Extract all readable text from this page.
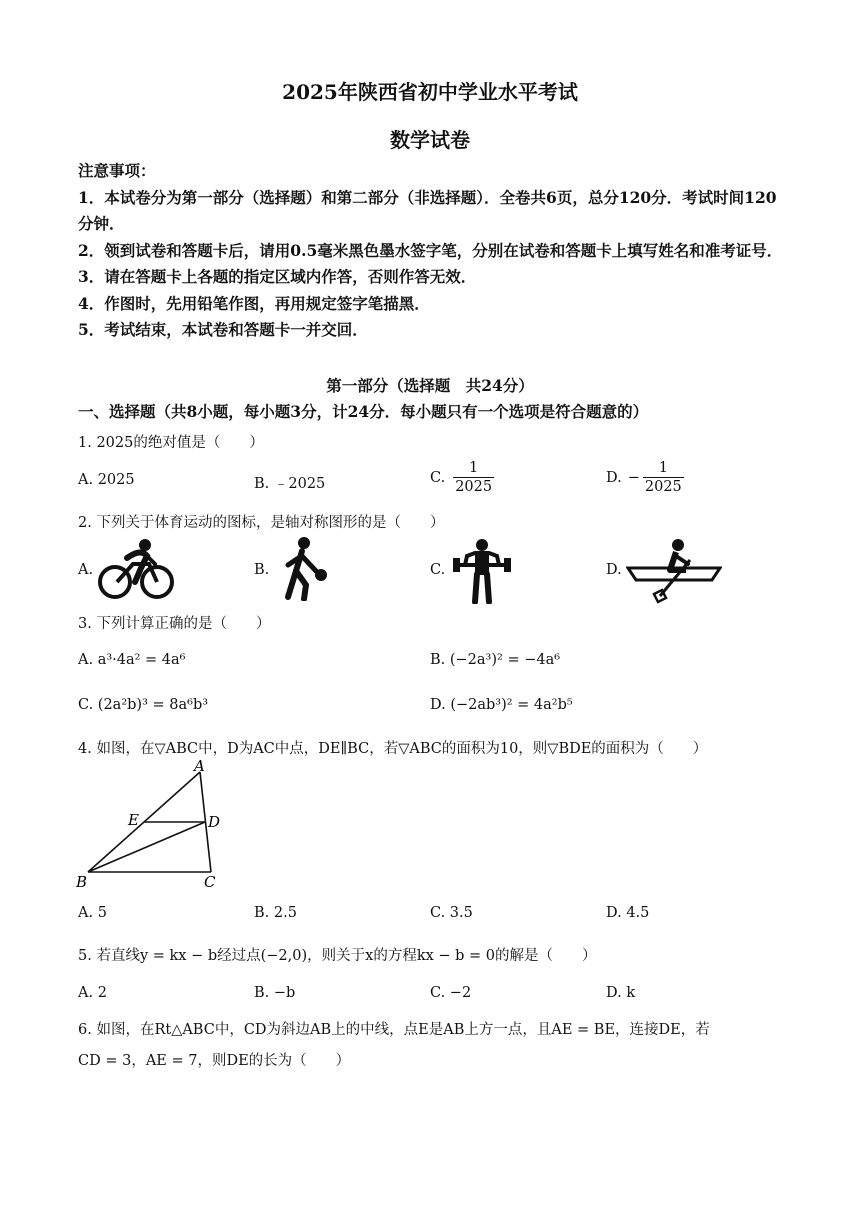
2025年陕西省初中学业水平考试
数学试卷
注意事项：
1．本试卷分为第一部分（选择题）和第二部分（非选择题）．全卷共6页，总分120分．考试时间120分钟．
2．领到试卷和答题卡后，请用0.5毫米黑色墨水签字笔，分别在试卷和答题卡上填写姓名和准考证号．
3．请在答题卡上各题的指定区域内作答，否则作答无效．
4．作图时，先用铅笔作图，再用规定签字笔描黑．
5．考试结束，本试卷和答题卡一并交回．
第一部分（选择题　共24分）
一、选择题（共8小题，每小题3分，计24分．每小题只有一个选项是符合题意的）
1. 2025的绝对值是（　　）
A. 2025	B. ﹣2025	C. $\frac{1}{2025}$	D. − $\frac{1}{2025}$
2. 下列关于体育运动的图标，是轴对称图形的是（　　）
A.	B.	C.	D.
3. 下列计算正确的是（　　）
A. a³·4a² = 4a⁶	B. (−2a³)² = −4a⁶
C. (2a²b)³ = 8a⁶b³	D. (−2ab³)² = 4a²b⁵
4. 如图，在▽ABC中，D为AC中点，DE∥BC，若▽ABC的面积为10，则▽BDE的面积为（　　）
A
B	C
D
E
A. 5	B. 2.5	C. 3.5	D. 4.5
5. 若直线y = kx − b经过点(−2,0)，则关于x的方程kx − b = 0的解是（　　）
A. 2	B. −b	C. −2	D. k
6. 如图，在Rt△ABC中，CD为斜边AB上的中线，点E是AB上方一点，且AE = BE，连接DE，若
CD = 3，AE = 7，则DE的长为（　　）
